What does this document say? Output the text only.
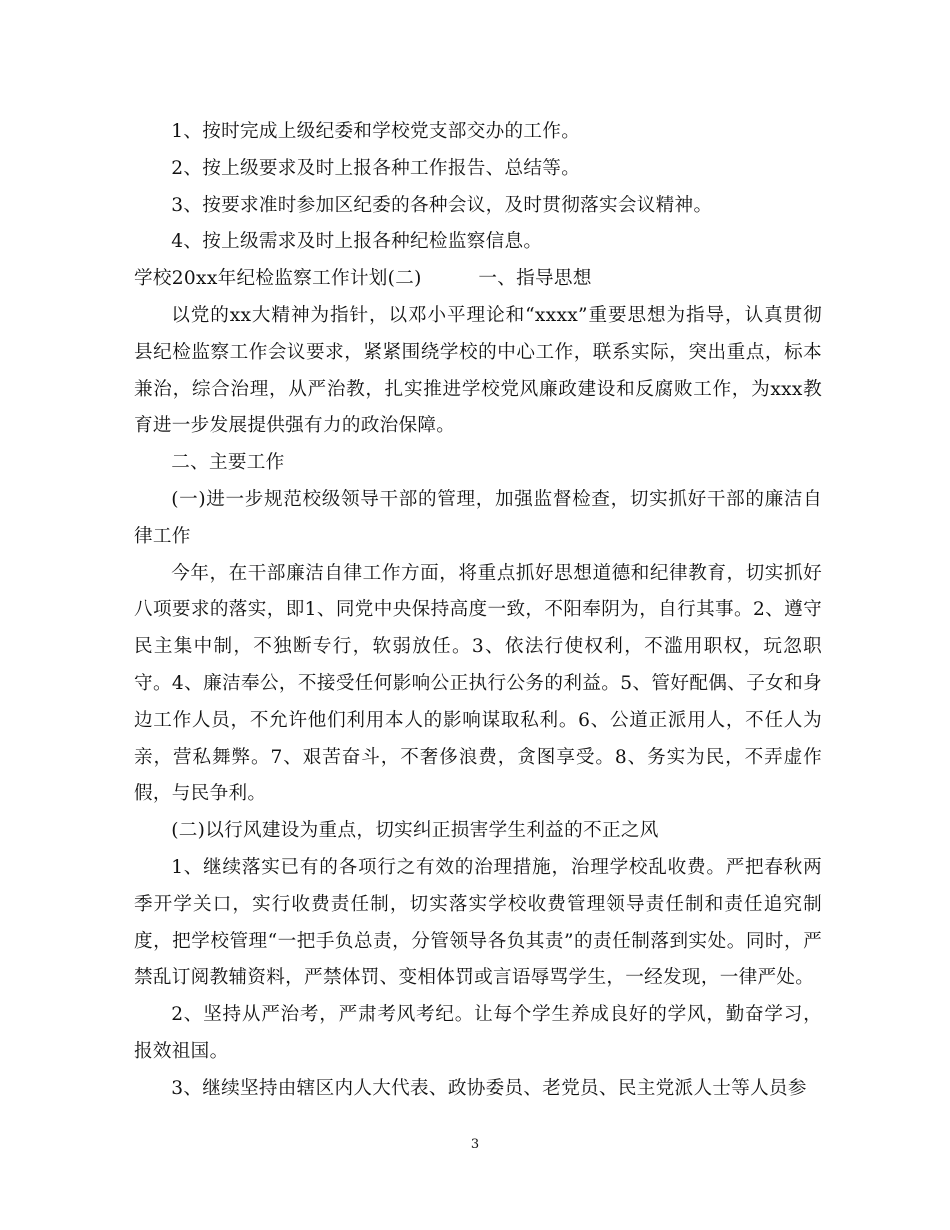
1、按时完成上级纪委和学校党支部交办的工作。

2、按上级要求及时上报各种工作报告、总结等。

3、按要求准时参加区纪委的各种会议，及时贯彻落实会议精神。

4、按上级需求及时上报各种纪检监察信息。

学校20xx年纪检监察工作计划(二)　　　一、指导思想

以党的xx大精神为指针，以邓小平理论和“xxxx”重要思想为指导，认真贯彻县纪检监察工作会议要求，紧紧围绕学校的中心工作，联系实际，突出重点，标本兼治，综合治理，从严治教，扎实推进学校党风廉政建设和反腐败工作，为xxx教育进一步发展提供强有力的政治保障。

二、主要工作

(一)进一步规范校级领导干部的管理，加强监督检查，切实抓好干部的廉洁自律工作

今年，在干部廉洁自律工作方面，将重点抓好思想道德和纪律教育，切实抓好八项要求的落实，即1、同党中央保持高度一致，不阳奉阴为，自行其事。2、遵守民主集中制，不独断专行，软弱放任。3、依法行使权利，不滥用职权，玩忽职守。4、廉洁奉公，不接受任何影响公正执行公务的利益。5、管好配偶、子女和身边工作人员，不允许他们利用本人的影响谋取私利。6、公道正派用人，不任人为亲，营私舞弊。7、艰苦奋斗，不奢侈浪费，贪图享受。8、务实为民，不弄虚作假，与民争利。

(二)以行风建设为重点，切实纠正损害学生利益的不正之风

1、继续落实已有的各项行之有效的治理措施，治理学校乱收费。严把春秋两季开学关口，实行收费责任制，切实落实学校收费管理领导责任制和责任追究制度，把学校管理“一把手负总责，分管领导各负其责”的责任制落到实处。同时，严禁乱订阅教辅资料，严禁体罚、变相体罚或言语辱骂学生，一经发现，一律严处。

2、坚持从严治考，严肃考风考纪。让每个学生养成良好的学风，勤奋学习，报效祖国。

3、继续坚持由辖区内人大代表、政协委员、老党员、民主党派人士等人员参

3
